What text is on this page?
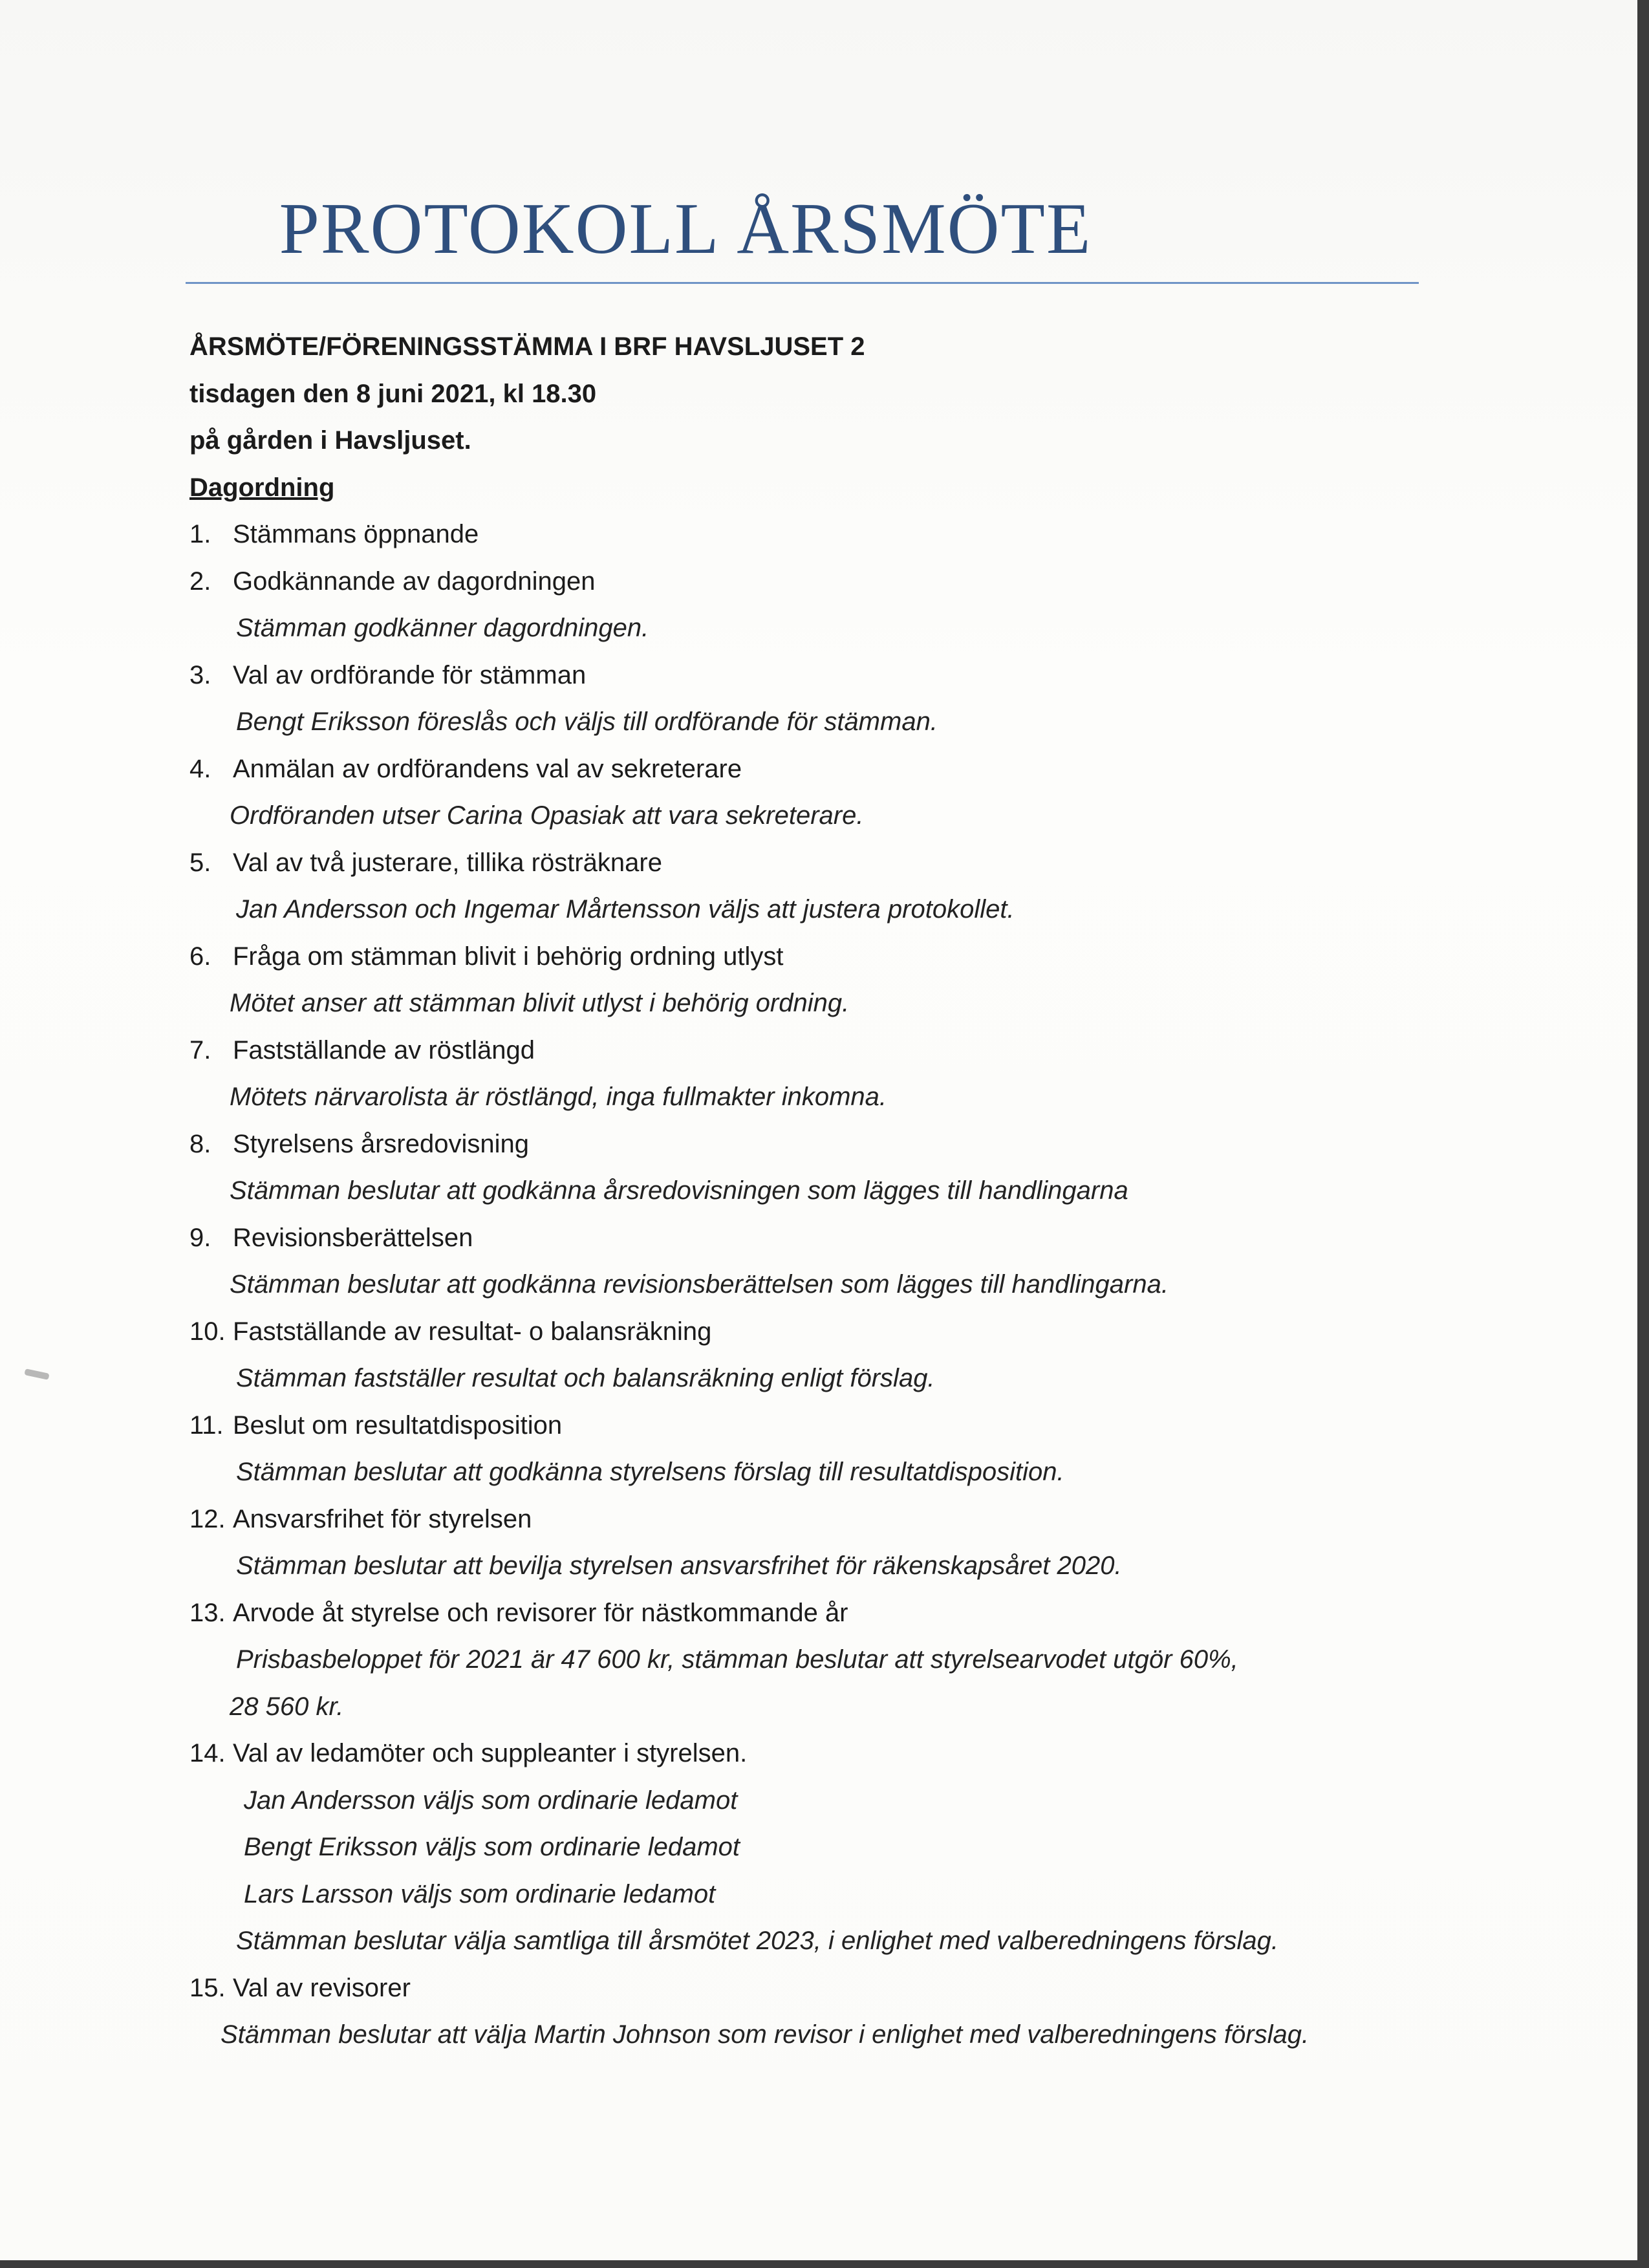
PROTOKOLL ÅRSMÖTE
ÅRSMÖTE/FÖRENINGSSTÄMMA I BRF HAVSLJUSET 2
tisdagen den 8 juni 2021, kl 18.30
på gården i Havsljuset.
Dagordning
1. Stämmans öppnande
2. Godkännande av dagordningen
Stämman godkänner dagordningen.
3. Val av ordförande för stämman
Bengt Eriksson föreslås och väljs till ordförande för stämman.
4. Anmälan av ordförandens val av sekreterare
Ordföranden utser Carina Opasiak att vara sekreterare.
5. Val av två justerare, tillika rösträknare
Jan Andersson och Ingemar Mårtensson väljs att justera protokollet.
6. Fråga om stämman blivit i behörig ordning utlyst
Mötet anser att stämman blivit utlyst i behörig ordning.
7. Fastställande av röstlängd
Mötets närvarolista är röstlängd, inga fullmakter inkomna.
8. Styrelsens årsredovisning
Stämman beslutar att godkänna årsredovisningen som lägges till handlingarna
9. Revisionsberättelsen
Stämman beslutar att godkänna revisionsberättelsen som lägges till handlingarna.
10. Fastställande av resultat- o balansräkning
Stämman fastställer resultat och balansräkning enligt förslag.
11. Beslut om resultatdisposition
Stämman beslutar att godkänna styrelsens förslag till resultatdisposition.
12. Ansvarsfrihet för styrelsen
Stämman beslutar att bevilja styrelsen ansvarsfrihet för räkenskapsåret 2020.
13. Arvode åt styrelse och revisorer för nästkommande år
Prisbasbeloppet för 2021 är 47 600 kr, stämman beslutar att styrelsearvodet utgör 60%,
28 560 kr.
14. Val av ledamöter och suppleanter i styrelsen.
Jan Andersson väljs som ordinarie ledamot
Bengt Eriksson väljs som ordinarie ledamot
Lars Larsson väljs som ordinarie ledamot
Stämman beslutar välja samtliga till årsmötet 2023, i enlighet med valberedningens förslag.
15. Val av revisorer
Stämman beslutar att välja Martin Johnson som revisor i enlighet med valberedningens förslag.
